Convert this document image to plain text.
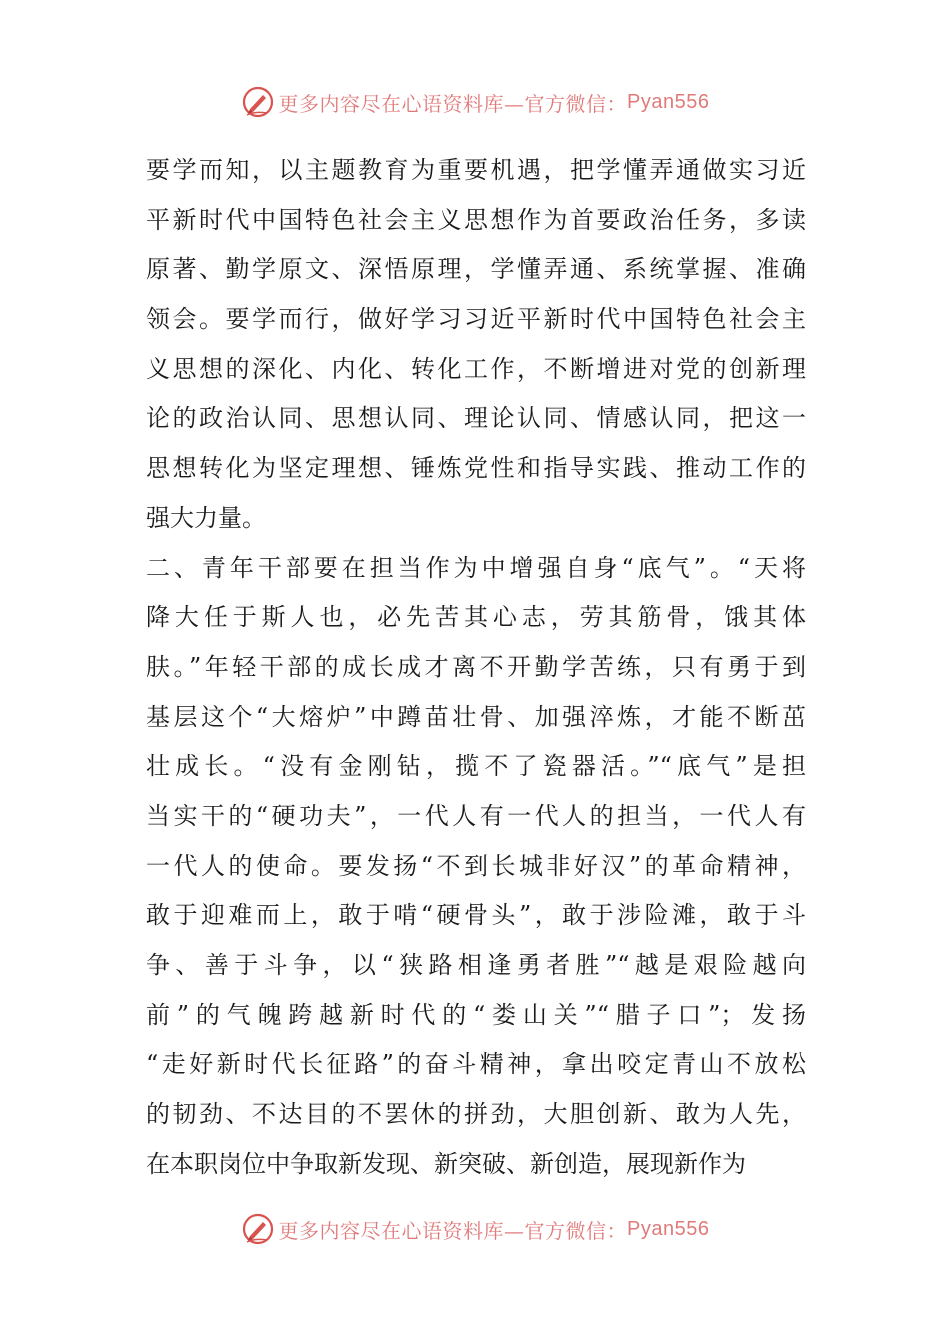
更多内容尽在心语资料库—官方微信： Pyan556
要学而知，以主题教育为重要机遇，把学懂弄通做实习近
平新时代中国特色社会主义思想作为首要政治任务，多读
原著、勤学原文、深悟原理，学懂弄通、系统掌握、准确
领会。要学而行，做好学习习近平新时代中国特色社会主
义思想的深化、内化、转化工作，不断增进对党的创新理
论的政治认同、思想认同、理论认同、情感认同，把这一
思想转化为坚定理想、锤炼党性和指导实践、推动工作的
强大力量。
二、青年干部要在担当作为中增强自身“底气”。“天将
降大任于斯人也，必先苦其心志，劳其筋骨，饿其体
肤。”年轻干部的成长成才离不开勤学苦练，只有勇于到
基层这个“大熔炉”中蹲苗壮骨、加强淬炼，才能不断茁
壮成长。“没有金刚钻，揽不了瓷器活。”“底气”是担
当实干的“硬功夫”，一代人有一代人的担当，一代人有
一代人的使命。要发扬“不到长城非好汉”的革命精神，
敢于迎难而上，敢于啃“硬骨头”，敢于涉险滩，敢于斗
争、善于斗争，以“狭路相逢勇者胜”“越是艰险越向
前”的气魄跨越新时代的“娄山关”“腊子口”；发扬
“走好新时代长征路”的奋斗精神，拿出咬定青山不放松
的韧劲、不达目的不罢休的拼劲，大胆创新、敢为人先，
在本职岗位中争取新发现、新突破、新创造，展现新作为
更多内容尽在心语资料库—官方微信： Pyan556
